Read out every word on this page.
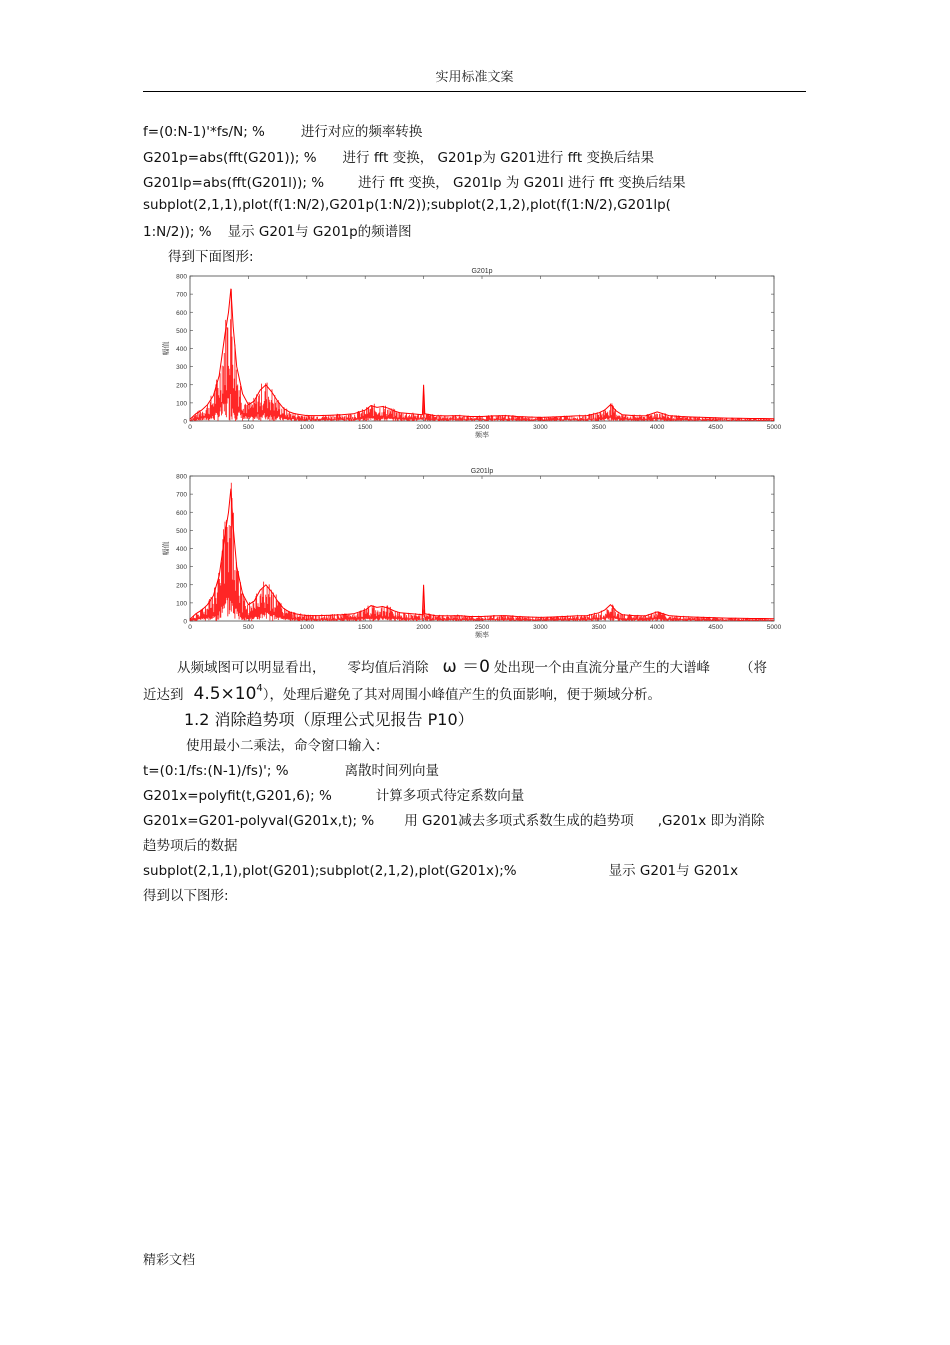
实用标准文案
f=(0:N-1)'*fs/N; %	进行对应的频率转换
G201p=abs(fft(G201)); % 进行 fft 变换， G201p为 G201进行 fft 变换后结果
G201lp=abs(fft(G201l)); %	进行 fft 变换， G201lp 为 G201l 进行 fft 变换后结果
subplot(2,1,1),plot(f(1:N/2),G201p(1:N/2));subplot(2,1,2),plot(f(1:N/2),G201lp(
1:N/2)); % 显示 G201与 G201p的频谱图
得到下面图形:
G201p
0
100
200
300
400
500
600
700
800
0	500	1000	1500	2000	2500	3000	3500	4000	4500	5000
频率
幅值
G201lp
0
100
200
300
400
500
600
700
800
0	500	1000	1500	2000	2500	3000	3500	4000	4500	5000
频率
幅值
从频域图可以明显看出， 零均值后消除 ω ＝0 处出现一个由直流分量产生的大谱峰 （将
近达到 $4.5\times 10^4$），处理后避免了其对周围小峰值产生的负面影响，便于频域分析。
1.2 消除趋势项（原理公式见报告 P10）
使用最小二乘法，命令窗口输入：
t=(0:1/fs:(N-1)/fs)'; %	离散时间列向量
G201x=polyfit(t,G201,6); %	计算多项式待定系数向量
G201x=G201-polyval(G201x,t); % 用 G201减去多项式系数生成的趋势项 ,G201x 即为消除
趋势项后的数据
subplot(2,1,1),plot(G201);subplot(2,1,2),plot(G201x);%	显示 G201与 G201x
得到以下图形:
精彩文档
